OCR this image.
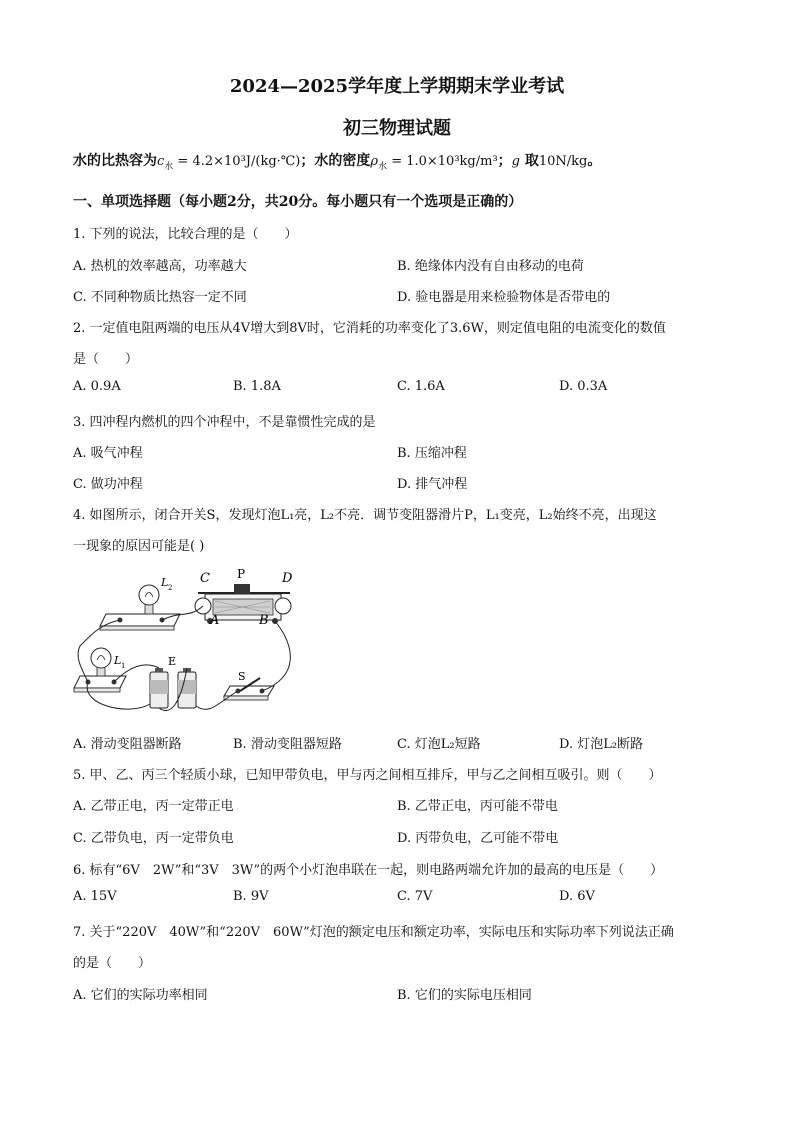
2024—2025学年度上学期期末学业考试
初三物理试题
水的比热容为$c_水$ = 4.2×10³J/(kg·℃)；水的密度$\rho_水 = 1.0\times 10^3kg/m^3$；g 取10N/kg。
一、单项选择题（每小题2分，共20分。每小题只有一个选项是正确的）
1. 下列的说法，比较合理的是（　　）
A. 热机的效率越高，功率越大	B. 绝缘体内没有自由移动的电荷
C. 不同种物质比热容一定不同	D. 验电器是用来检验物体是否带电的
2. 一定值电阻两端的电压从4V增大到8V时，它消耗的功率变化了3.6W，则定值电阻的电流变化的数值
是（　　）
A. 0.9A	B. 1.8A	C. 1.6A	D. 0.3A
3. 四冲程内燃机的四个冲程中，不是靠惯性完成的是
A. 吸气冲程	B. 压缩冲程
C. 做功冲程	D. 排气冲程
4. 如图所示，闭合开关S，发现灯泡L₁亮，L₂不亮．调节变阻器滑片P，L₁变亮，L₂始终不亮，出现这
一现象的原因可能是( )
L 2
C P	D
A	B
L 1	E
S
A. 滑动变阻器断路	B. 滑动变阻器短路	C. 灯泡L₂短路	D. 灯泡L₂断路
5. 甲、乙、丙三个轻质小球，已知甲带负电，甲与丙之间相互排斥，甲与乙之间相互吸引。则（　　）
A. 乙带正电，丙一定带正电	B. 乙带正电，丙可能不带电
C. 乙带负电，丙一定带负电	D. 丙带负电，乙可能不带电
6. 标有“6V　2W”和“3V　3W”的两个小灯泡串联在一起，则电路两端允许加的最高的电压是（　　）
A. 15V	B. 9V	C. 7V	D. 6V
7. 关于“220V　40W”和“220V　60W”灯泡的额定电压和额定功率，实际电压和实际功率下列说法正确
的是（　　）
A. 它们的实际功率相同	B. 它们的实际电压相同
